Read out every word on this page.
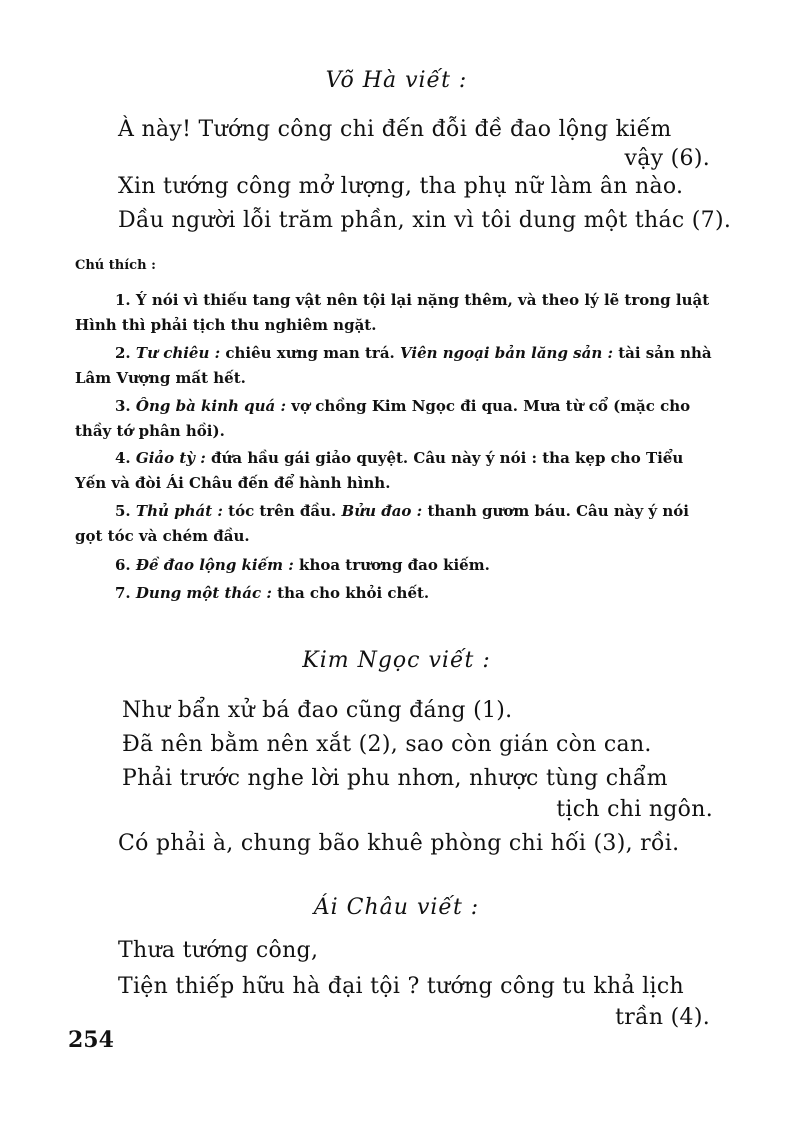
Võ Hà viết :
À này! Tướng công chi đến đỗi đề đao lộng kiếm
vậy (6).
Xin tướng công mở lượng, tha phụ nữ làm ân nào.
Dầu người lỗi trăm phần, xin vì tôi dung một thác (7).
Chú thích :
1. Ý nói vì thiếu tang vật nên tội lại nặng thêm, và theo lý lẽ trong luật Hình thì phải tịch thu nghiêm ngặt.
2. Tư chiêu : chiêu xưng man trá. Viên ngoại bản lăng sản : tài sản nhà Lâm Vượng mất hết.
3. Ông bà kinh quá : vợ chồng Kim Ngọc đi qua. Mưa từ cổ (mặc cho thầy tớ phân hồi).
4. Giảo tỳ : đứa hầu gái giảo quyệt. Câu này ý nói : tha kẹp cho Tiểu Yến và đòi Ái Châu đến để hành hình.
5. Thủ phát : tóc trên đầu. Bửu đao : thanh gươm báu. Câu này ý nói gọt tóc và chém đầu.
6. Đề đao lộng kiếm : khoa trương đao kiếm.
7. Dung một thác : tha cho khỏi chết.
Kim Ngọc viết :
Như bẩn xử bá đao cũng đáng (1).
Đã nên bằm nên xắt (2), sao còn gián còn can.
Phải trước nghe lời phu nhơn, nhược tùng chẩm
tịch chi ngôn.
Có phải à, chung bão khuê phòng chi hối (3), rồi.
Ái Châu viết :
Thưa tướng công,
Tiện thiếp hữu hà đại tội ? tướng công tu khả lịch
trần (4).
254
